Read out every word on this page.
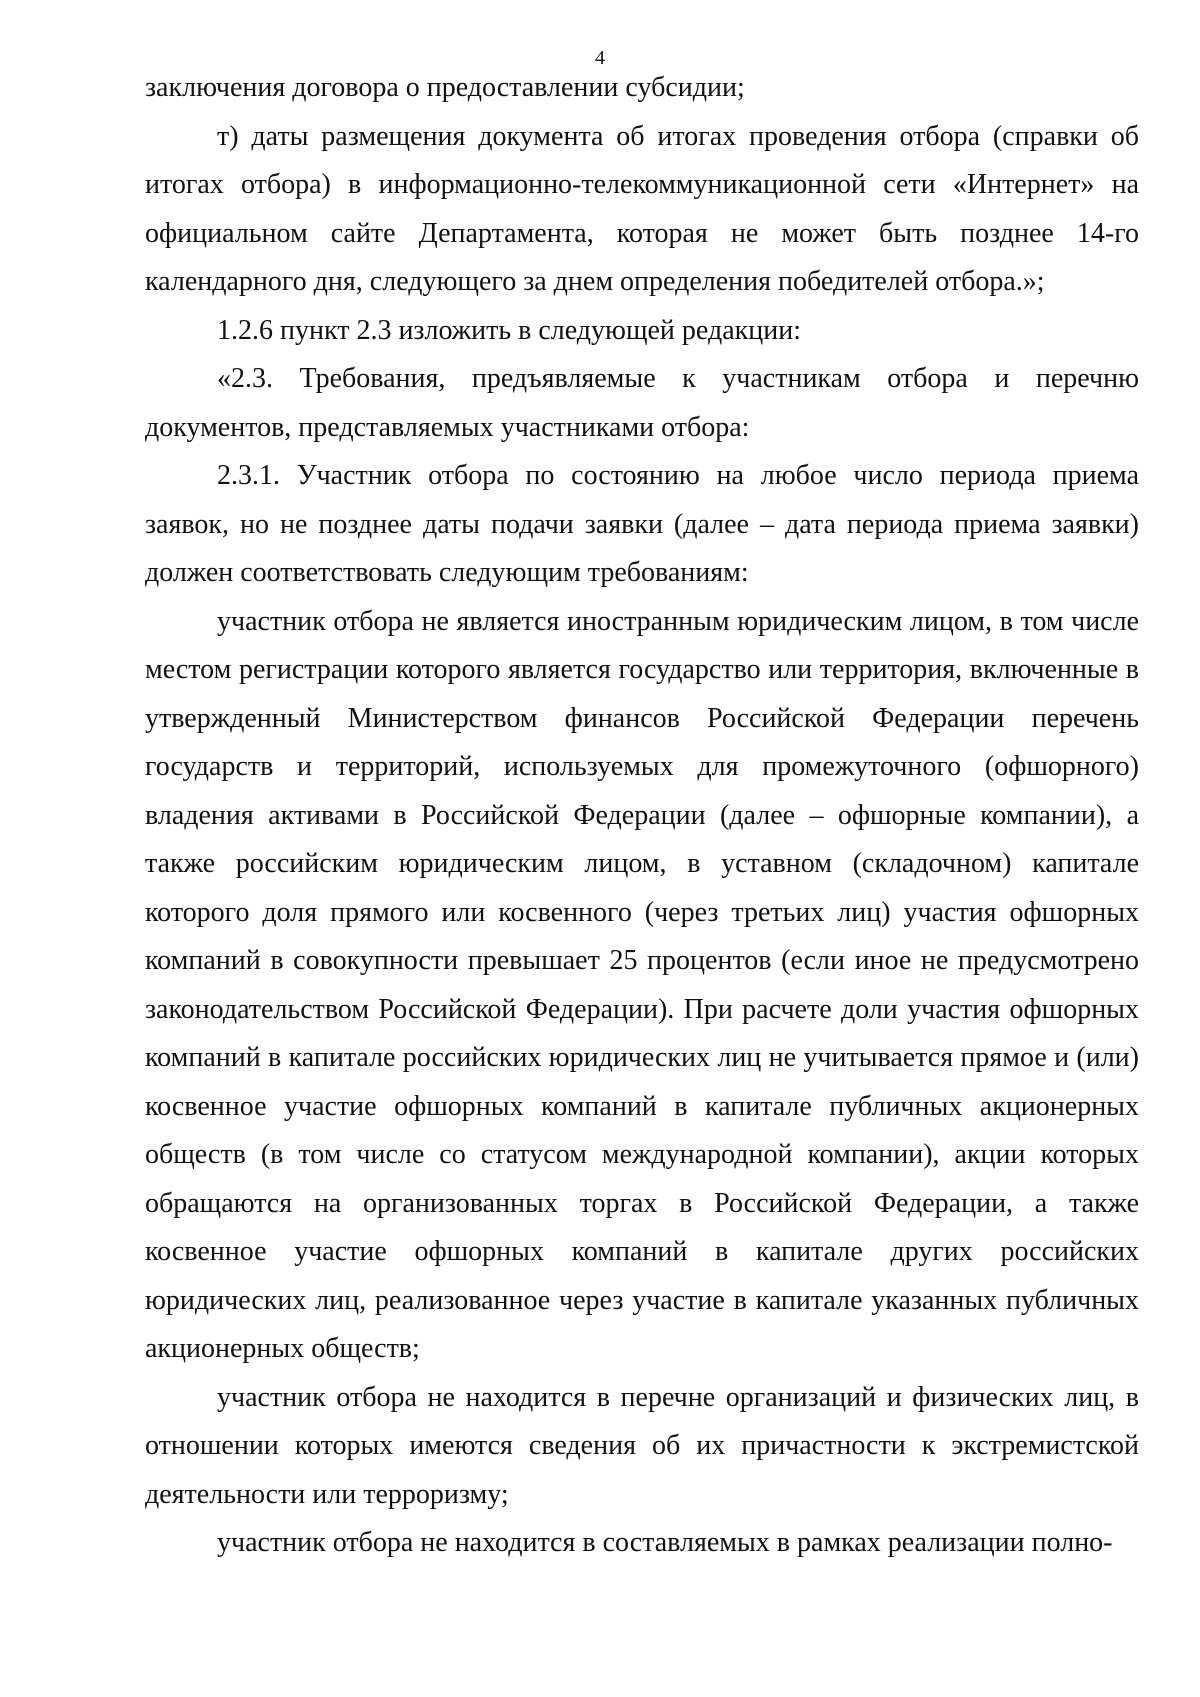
4

заключения договора о предоставлении субсидии;

т) даты размещения документа об итогах проведения отбора (справки об итогах отбора) в информационно-телекоммуникационной сети «Интернет» на официальном сайте Департамента, которая не может быть позднее 14-го календарного дня, следующего за днем определения победителей отбора.»;

1.2.6 пункт 2.3 изложить в следующей редакции:

«2.3. Требования, предъявляемые к участникам отбора и перечню документов, представляемых участниками отбора:

2.3.1. Участник отбора по состоянию на любое число периода приема заявок, но не позднее даты подачи заявки (далее – дата периода приема заявки) должен соответствовать следующим требованиям:

участник отбора не является иностранным юридическим лицом, в том числе местом регистрации которого является государство или территория, включенные в утвержденный Министерством финансов Российской Федерации перечень государств и территорий, используемых для промежуточного (офшорного) владения активами в Российской Федерации (далее – офшорные компании), а также российским юридическим лицом, в уставном (складочном) капитале которого доля прямого или косвенного (через третьих лиц) участия офшорных компаний в совокупности превышает 25 процентов (если иное не предусмотрено законодательством Российской Федерации). При расчете доли участия офшорных компаний в капитале российских юридических лиц не учитывается прямое и (или) косвенное участие офшорных компаний в капитале публичных акционерных обществ (в том числе со статусом международной компании), акции которых обращаются на организованных торгах в Российской Федерации, а также косвенное участие офшорных компаний в капитале других российских юридических лиц, реализованное через участие в капитале указанных публичных акционерных обществ;

участник отбора не находится в перечне организаций и физических лиц, в отношении которых имеются сведения об их причастности к экстремистской деятельности или терроризму;

участник отбора не находится в составляемых в рамках реализации полно-
